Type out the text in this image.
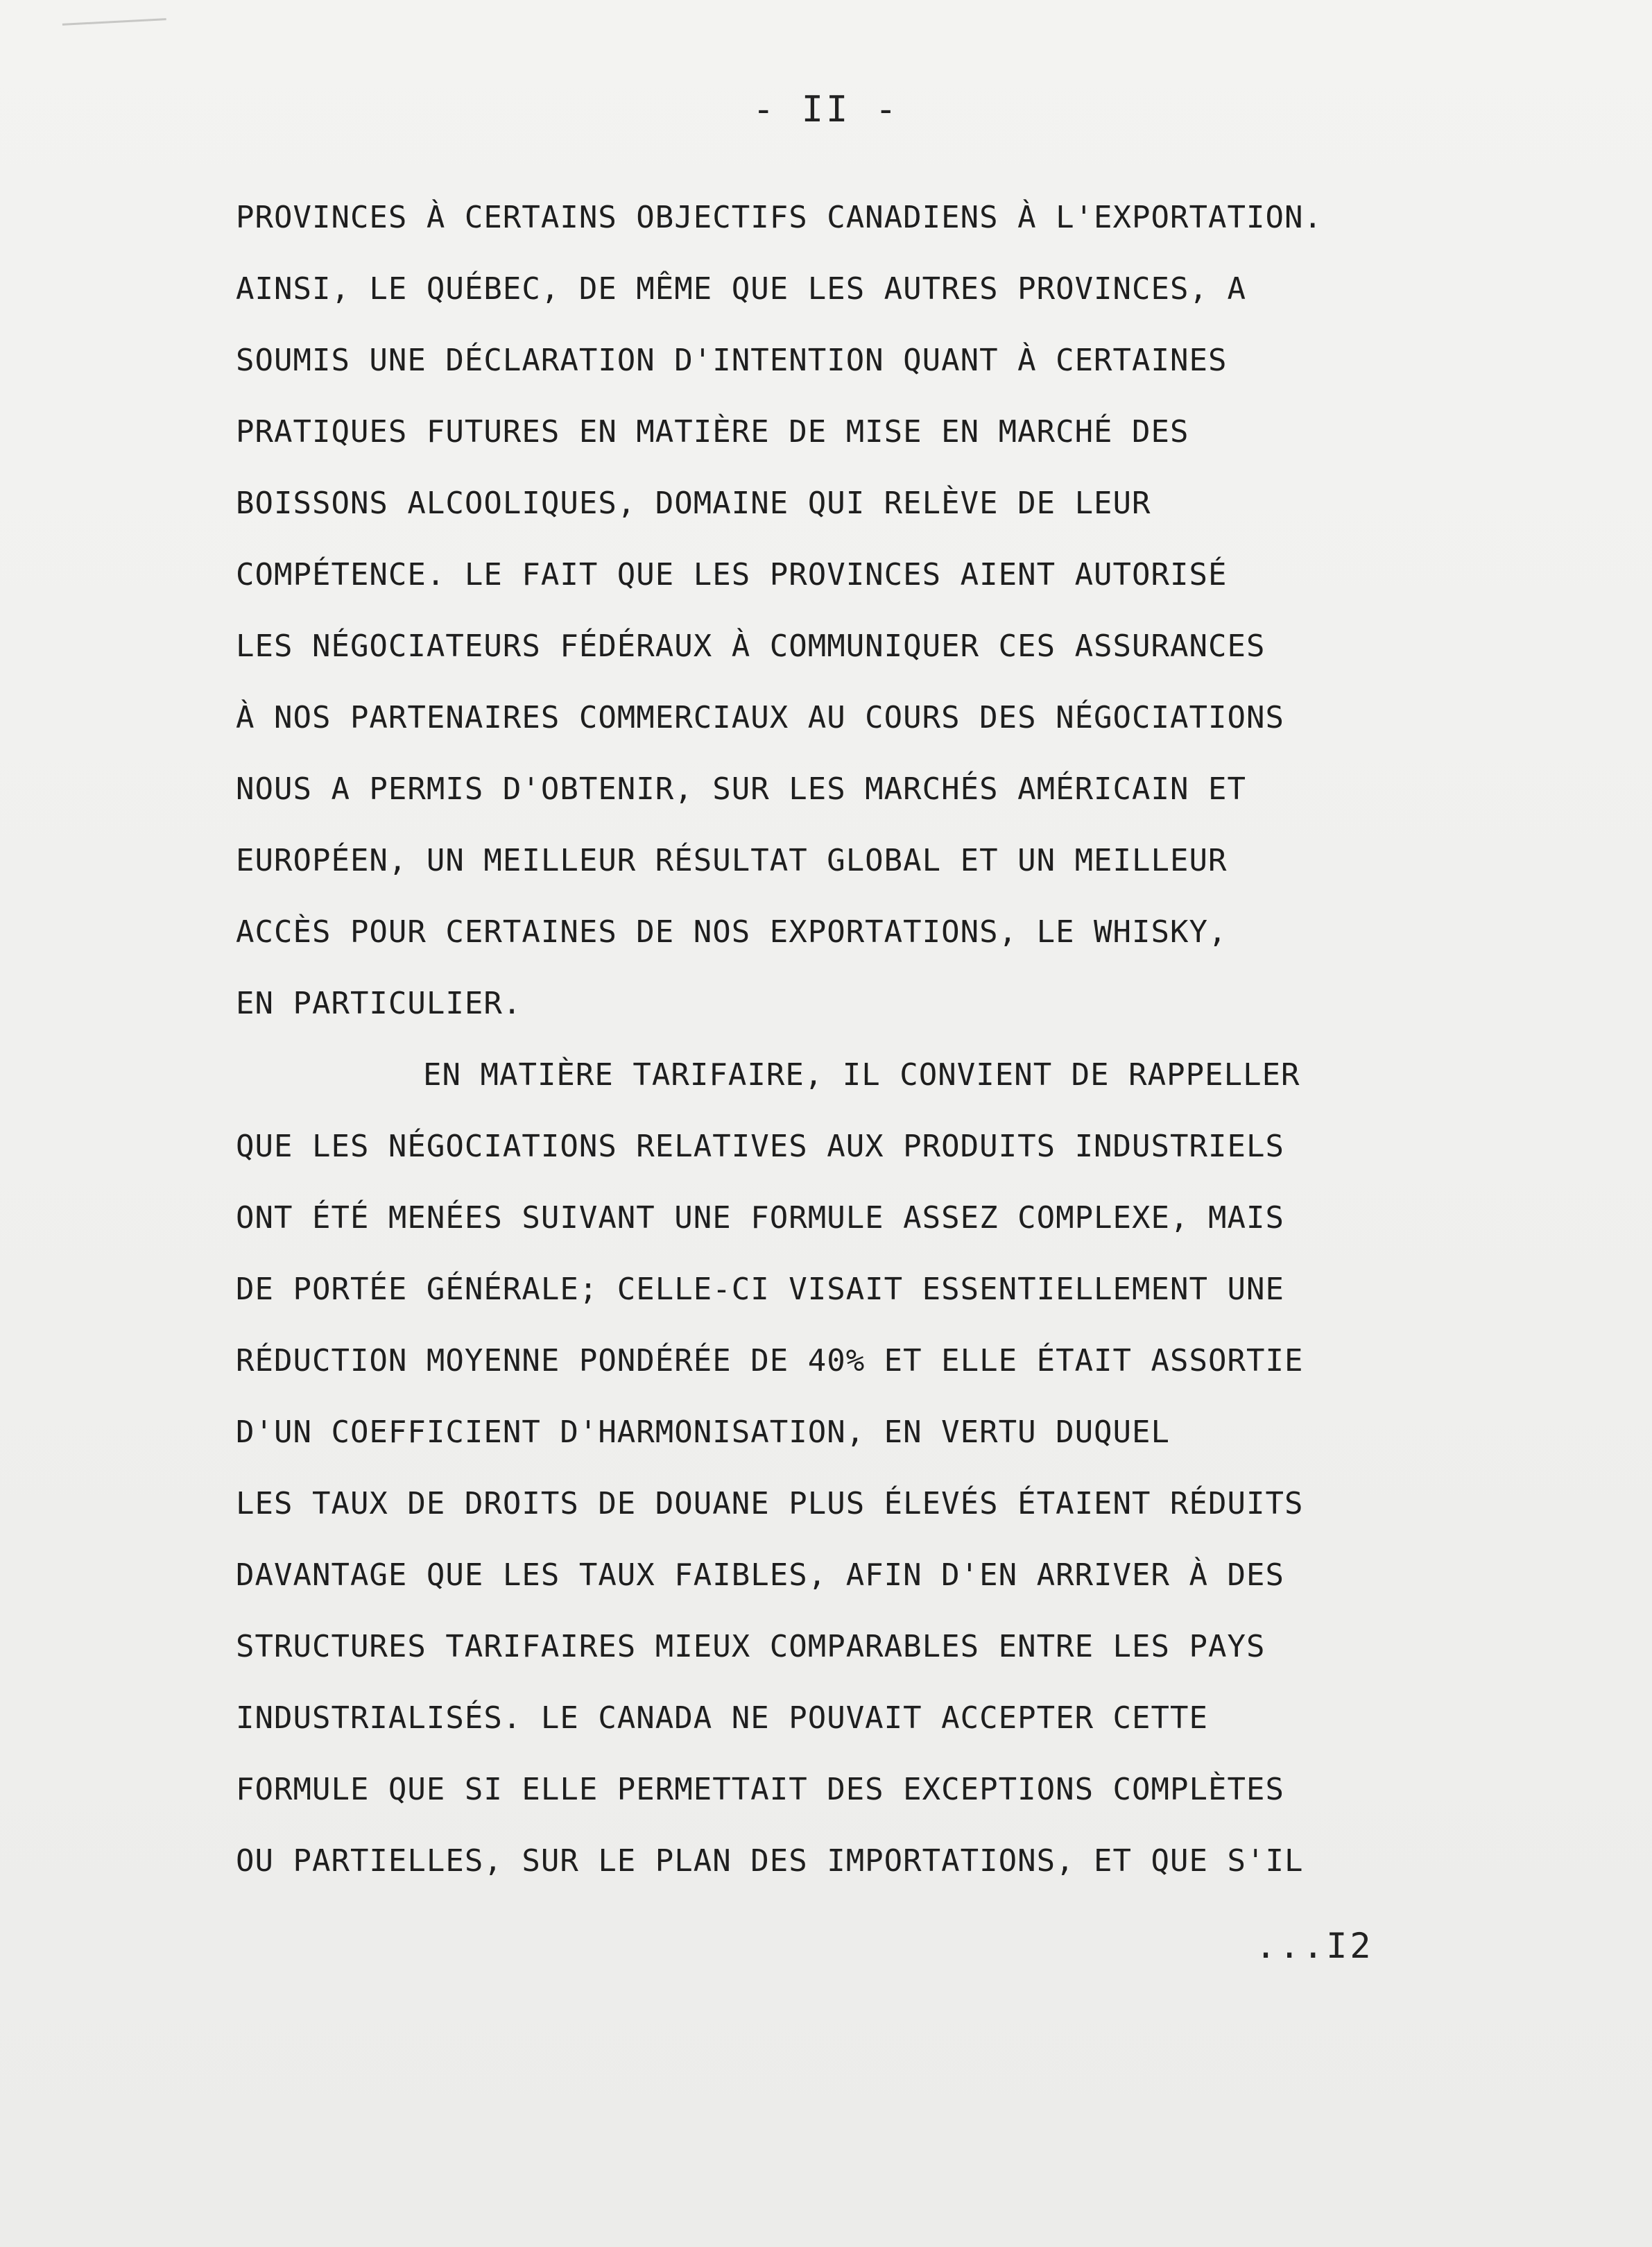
- II -
PROVINCES À CERTAINS OBJECTIFS CANADIENS À L'EXPORTATION.
AINSI, LE QUÉBEC, DE MÊME QUE LES AUTRES PROVINCES, A
SOUMIS UNE DÉCLARATION D'INTENTION QUANT À CERTAINES
PRATIQUES FUTURES EN MATIÈRE DE MISE EN MARCHÉ DES
BOISSONS ALCOOLIQUES, DOMAINE QUI RELÈVE DE LEUR
COMPÉTENCE. LE FAIT QUE LES PROVINCES AIENT AUTORISÉ
LES NÉGOCIATEURS FÉDÉRAUX À COMMUNIQUER CES ASSURANCES
À NOS PARTENAIRES COMMERCIAUX AU COURS DES NÉGOCIATIONS
NOUS A PERMIS D'OBTENIR, SUR LES MARCHÉS AMÉRICAIN ET
EUROPÉEN, UN MEILLEUR RÉSULTAT GLOBAL ET UN MEILLEUR
ACCÈS POUR CERTAINES DE NOS EXPORTATIONS, LE WHISKY,
EN PARTICULIER.
EN MATIÈRE TARIFAIRE, IL CONVIENT DE RAPPELLER
QUE LES NÉGOCIATIONS RELATIVES AUX PRODUITS INDUSTRIELS
ONT ÉTÉ MENÉES SUIVANT UNE FORMULE ASSEZ COMPLEXE, MAIS
DE PORTÉE GÉNÉRALE; CELLE-CI VISAIT ESSENTIELLEMENT UNE
RÉDUCTION MOYENNE PONDÉRÉE DE 40% ET ELLE ÉTAIT ASSORTIE
D'UN COEFFICIENT D'HARMONISATION, EN VERTU DUQUEL
LES TAUX DE DROITS DE DOUANE PLUS ÉLEVÉS ÉTAIENT RÉDUITS
DAVANTAGE QUE LES TAUX FAIBLES, AFIN D'EN ARRIVER À DES
STRUCTURES TARIFAIRES MIEUX COMPARABLES ENTRE LES PAYS
INDUSTRIALISÉS. LE CANADA NE POUVAIT ACCEPTER CETTE
FORMULE QUE SI ELLE PERMETTAIT DES EXCEPTIONS COMPLÈTES
OU PARTIELLES, SUR LE PLAN DES IMPORTATIONS, ET QUE S'IL
...I2
